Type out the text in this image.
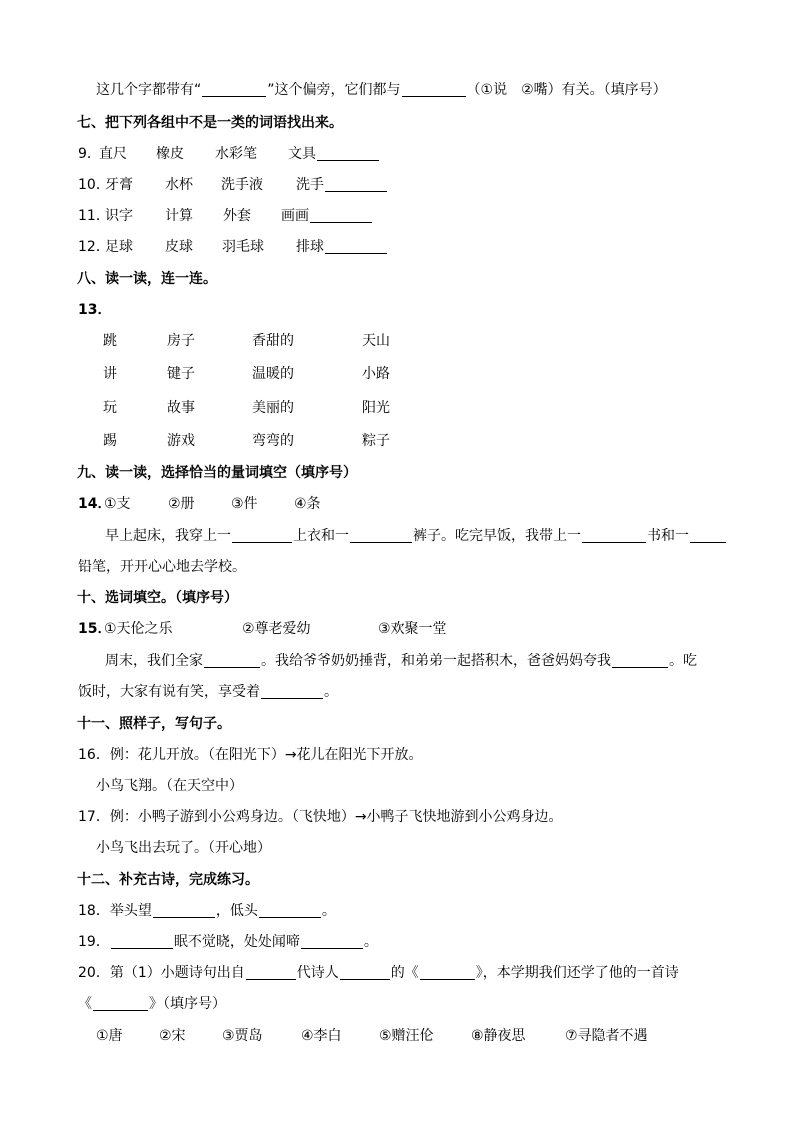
这几个字都带有“	”这个偏旁，它们都与	（①说　②嘴）有关。（填序号）
七、把下列各组中不是一类的词语找出来。
9．
直尺 橡皮 水彩笔 文具
10．
牙膏 水杯 洗手液 洗手
11．
识字 计算 外套 画画
12．
足球 皮球 羽毛球 排球
八、读一读，连一连。
13．
跳	房子	香甜的	天山
讲	键子	温暖的	小路
玩	故事	美丽的	阳光
踢	游戏	弯弯的	粽子
九、读一读，选择恰当的量词填空（填序号）
14．
①支	②册	③件	④条
早上起床，我穿上一	上衣和一	裤子。吃完早饭，我带上一	书和一
铅笔，开开心心地去学校。
十、选词填空。（填序号）
15．
①天伦之乐	②尊老爱幼	③欢聚一堂
周末，我们全家	。我给爷爷奶奶捶背，和弟弟一起搭积木，爸爸妈妈夸我	。吃
饭时，大家有说有笑，享受着	。
十一、照样子，写句子。
16．例：花儿开放。（在阳光下）→花儿在阳光下开放。
小鸟飞翔。（在天空中）
17．例：小鸭子游到小公鸡身边。（飞快地）→小鸭子飞快地游到小公鸡身边。
小鸟飞出去玩了。（开心地）
十二、补充古诗，完成练习。
18．举头望	，低头	。
19．	眠不觉晓，处处闻啼	。
20．第（1）小题诗句出自	代诗人	的《	》，本学期我们还学了他的一首诗
《	》（填序号）
①唐	②宋	③贾岛	④李白	⑤赠汪伦	⑧静夜思	⑦寻隐者不遇
